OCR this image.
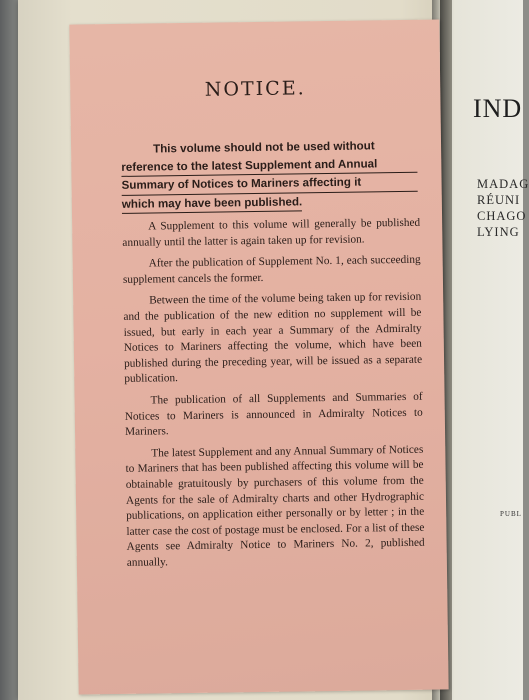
IND
MADAG
RÉUNI
CHAGO
LYING
PUBL
NOTICE.
This volume should not be used without
reference to the latest Supplement and Annual
Summary of Notices to Mariners affecting it
which may have been published.

A Supplement to this volume will generally be published annually until the latter is again taken up for revision.

After the publication of Supplement No. 1, each succeeding supplement cancels the former.

Between the time of the volume being taken up for revision and the publication of the new edition no supplement will be issued, but early in each year a Summary of the Admiralty Notices to Mariners affecting the volume, which have been published during the preceding year, will be issued as a separate publication.

The publication of all Supplements and Summaries of Notices to Mariners is announced in Admiralty Notices to Mariners.

The latest Supplement and any Annual Summary of Notices to Mariners that has been published affecting this volume will be obtainable gratuitously by purchasers of this volume from the Agents for the sale of Admiralty charts and other Hydrographic publications, on application either personally or by letter ; in the latter case the cost of postage must be enclosed. For a list of these Agents see Admiralty Notice to Mariners No. 2, published annually.
